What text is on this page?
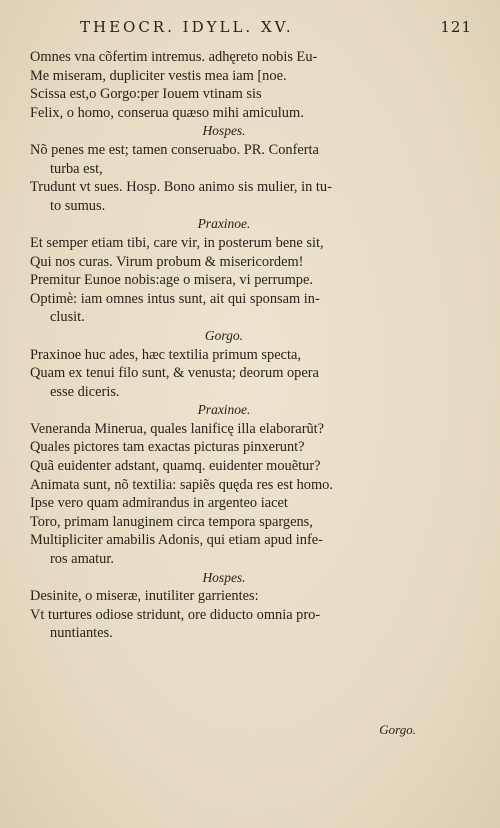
THEOCR. IDYLL. XV.	121
Omnes vna cõfertim intremus. adhęreto nobis Eu-
Me miseram, dupliciter vestis mea iam [noe.
Scissa est,o Gorgo:per Iouem vtinam sis
Felix, o homo, conserua quæso mihi amiculum.
Hospes.
Nõ penes me est; tamen conseruabo. PR. Conferta
turba est,
Trudunt vt sues. Hosp. Bono animo sis mulier, in tu-
to sumus.
Praxinoe.
Et semper etiam tibi, care vir, in posterum bene sit,
Qui nos curas. Virum probum & misericordem!
Premitur Eunoe nobis:age o misera, vi perrumpe.
Optimè: iam omnes intus sunt, ait qui sponsam in-
clusit.
Gorgo.
Praxinoe huc ades, hæc textilia primum specta,
Quam ex tenui filo sunt, & venusta; deorum opera
esse diceris.
Praxinoe.
Veneranda Minerua, quales lanificę illa elaborarũt?
Quales pictores tam exactas picturas pinxerunt?
Quã euidenter adstant, quamq. euidenter mouẽtur?
Animata sunt, nõ textilia: sapiẽs quęda res est homo.
Ipse vero quam admirandus in argenteo iacet
Toro, primam lanuginem circa tempora spargens,
Multipliciter amabilis Adonis, qui etiam apud infe-
ros amatur.
Hospes.
Desinite, o miseræ, inutiliter garrientes:
Vt turtures odiose stridunt, ore diducto omnia pro-
nuntiantes.
Gorgo.
